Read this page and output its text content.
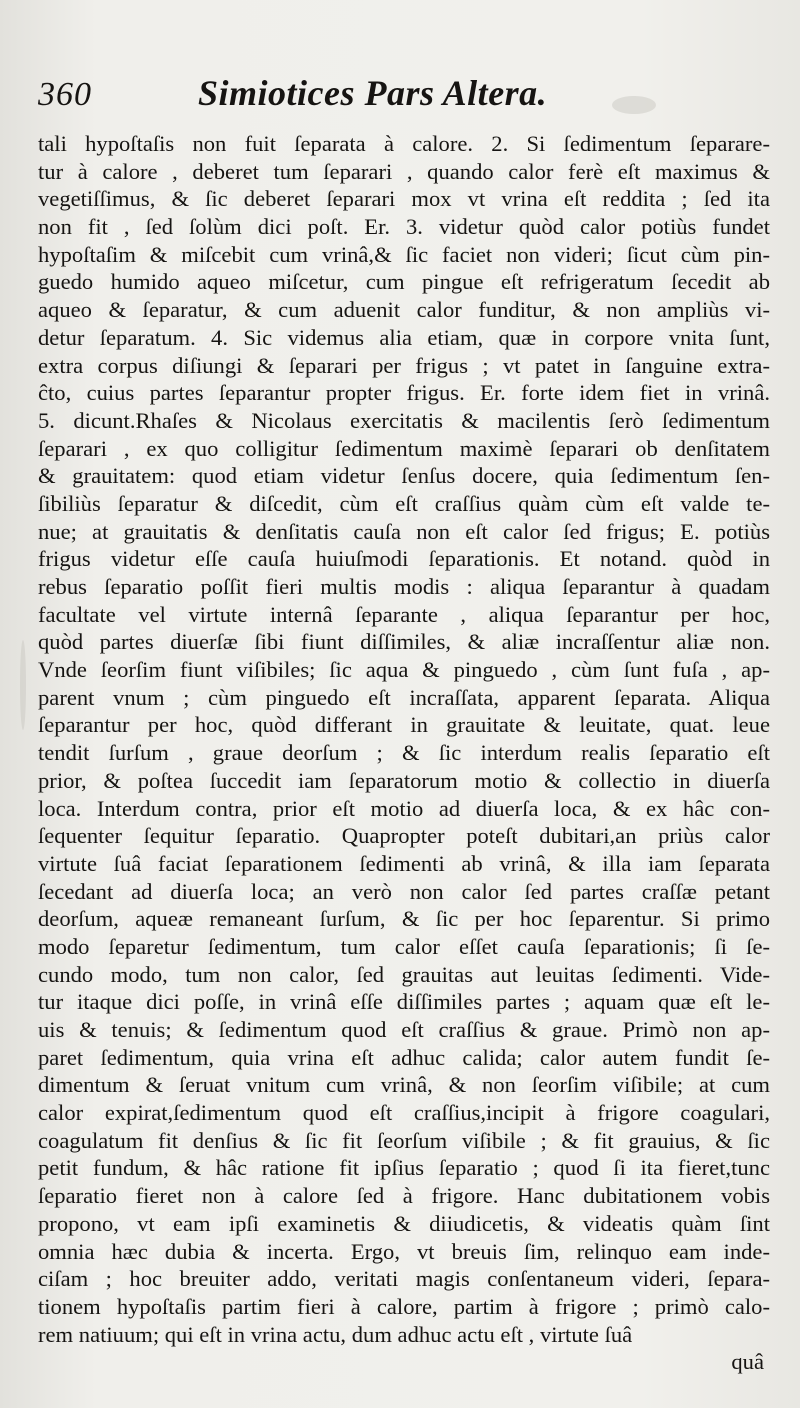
360	Simiotices Pars Altera.
tali hypoſtaſis non fuit ſeparata à calore. 2. Si ſedimentum ſeparare-
tur à calore , deberet tum ſeparari , quando calor ferè eſt maximus &
vegetiſſimus, & ſic deberet ſeparari mox vt vrina eſt reddita ; ſed ita
non fit , ſed ſolùm dici poſt. Er. 3. videtur quòd calor potiùs fundet
hypoſtaſim & miſcebit cum vrinâ,& ſic faciet non videri; ſicut cùm pin-
guedo humido aqueo miſcetur, cum pingue eſt refrigeratum ſecedit ab
aqueo & ſeparatur, & cum aduenit calor funditur, & non ampliùs vi-
detur ſeparatum. 4. Sic videmus alia etiam, quæ in corpore vnita ſunt,
extra corpus diſiungi & ſeparari per frigus ; vt patet in ſanguine extra-
ĉto, cuius partes ſeparantur propter frigus. Er. forte idem fiet in vrinâ.
5. dicunt.Rhaſes & Nicolaus exercitatis & macilentis ſerò ſedimentum
ſeparari , ex quo colligitur ſedimentum maximè ſeparari ob denſitatem
& grauitatem: quod etiam videtur ſenſus docere, quia ſedimentum ſen-
ſibiliùs ſeparatur & diſcedit, cùm eſt craſſius quàm cùm eſt valde te-
nue; at grauitatis & denſitatis cauſa non eſt calor ſed frigus; E. potiùs
frigus videtur eſſe cauſa huiuſmodi ſeparationis. Et notand. quòd in
rebus ſeparatio poſſit fieri multis modis : aliqua ſeparantur à quadam
facultate vel virtute internâ ſeparante , aliqua ſeparantur per hoc,
quòd partes diuerſæ ſibi fiunt diſſimiles, & aliæ incraſſentur aliæ non.
Vnde ſeorſim fiunt viſibiles; ſic aqua & pinguedo , cùm ſunt fuſa , ap-
parent vnum ; cùm pinguedo eſt incraſſata, apparent ſeparata. Aliqua
ſeparantur per hoc, quòd differant in grauitate & leuitate, quat. leue
tendit ſurſum , graue deorſum ; & ſic interdum realis ſeparatio eſt
prior, & poſtea ſuccedit iam ſeparatorum motio & collectio in diuerſa
loca. Interdum contra, prior eſt motio ad diuerſa loca, & ex hâc con-
ſequenter ſequitur ſeparatio. Quapropter poteſt dubitari,an priùs calor
virtute ſuâ faciat ſeparationem ſedimenti ab vrinâ, & illa iam ſeparata
ſecedant ad diuerſa loca; an verò non calor ſed partes craſſæ petant
deorſum, aqueæ remaneant ſurſum, & ſic per hoc ſeparentur. Si primo
modo ſeparetur ſedimentum, tum calor eſſet cauſa ſeparationis; ſi ſe-
cundo modo, tum non calor, ſed grauitas aut leuitas ſedimenti. Vide-
tur itaque dici poſſe, in vrinâ eſſe diſſimiles partes ; aquam quæ eſt le-
uis & tenuis; & ſedimentum quod eſt craſſius & graue. Primò non ap-
paret ſedimentum, quia vrina eſt adhuc calida; calor autem fundit ſe-
dimentum & ſeruat vnitum cum vrinâ, & non ſeorſim viſibile; at cum
calor expirat,ſedimentum quod eſt craſſius,incipit à frigore coagulari,
coagulatum fit denſius & ſic fit ſeorſum viſibile ; & fit grauius, & ſic
petit fundum, & hâc ratione fit ipſius ſeparatio ; quod ſi ita fieret,tunc
ſeparatio fieret non à calore ſed à frigore. Hanc dubitationem vobis
propono, vt eam ipſi examinetis & diiudicetis, & videatis quàm ſint
omnia hæc dubia & incerta. Ergo, vt breuis ſim, relinquo eam inde-
ciſam ; hoc breuiter addo, veritati magis conſentaneum videri, ſepara-
tionem hypoſtaſis partim fieri à calore, partim à frigore ; primò calo-
rem natiuum; qui eſt in vrina actu, dum adhuc actu eſt , virtute ſuâ
quâ
